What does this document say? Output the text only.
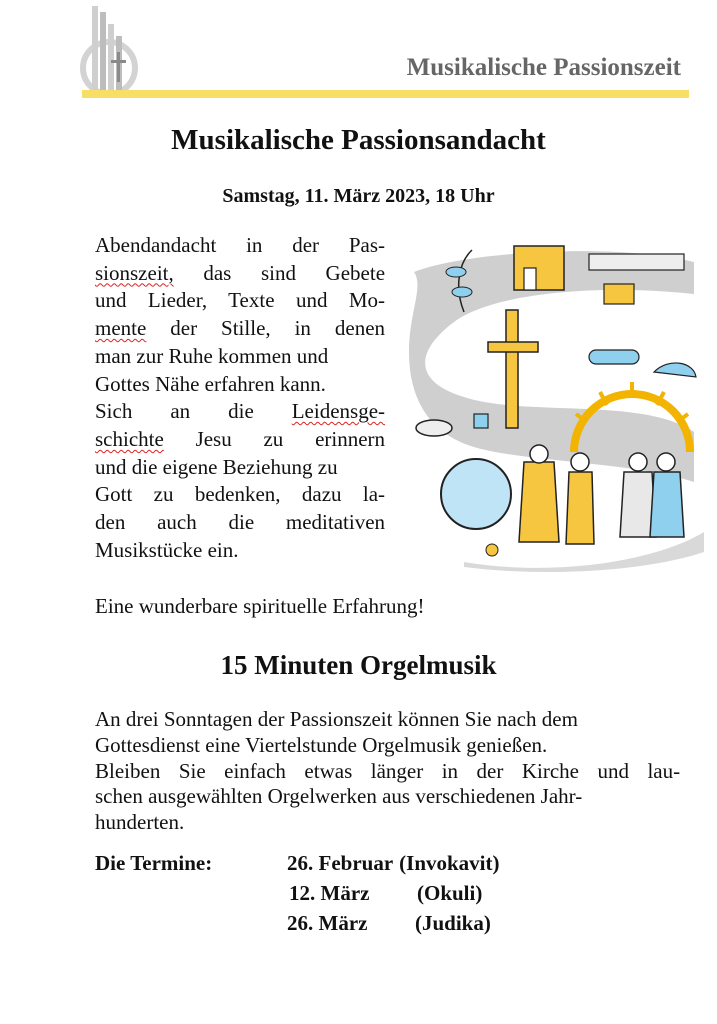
Musikalische Passionszeit
Musikalische Passionsandacht
Samstag, 11. März 2023, 18 Uhr
Abendandacht in der Pas-
sionszeit, das sind Gebete
und Lieder, Texte und Mo-
mente der Stille, in denen
man zur Ruhe kommen und
Gottes Nähe erfahren kann.
Sich an die Leidensge-
schichte Jesu zu erinnern
und die eigene Beziehung zu
Gott zu bedenken, dazu la-
den auch die meditativen
Musikstücke ein.
Eine wunderbare spirituelle Erfahrung!
15 Minuten Orgelmusik
An drei Sonntagen der Passionszeit können Sie nach dem
Gottesdienst eine Viertelstunde Orgelmusik genießen.
Bleiben Sie einfach etwas länger in der Kirche und lau-
schen ausgewählten Orgelwerken aus verschiedenen Jahr-
hunderten.
Die Termine:	26. Februar (Invokavit)
12. März (Okuli)
26. März (Judika)
